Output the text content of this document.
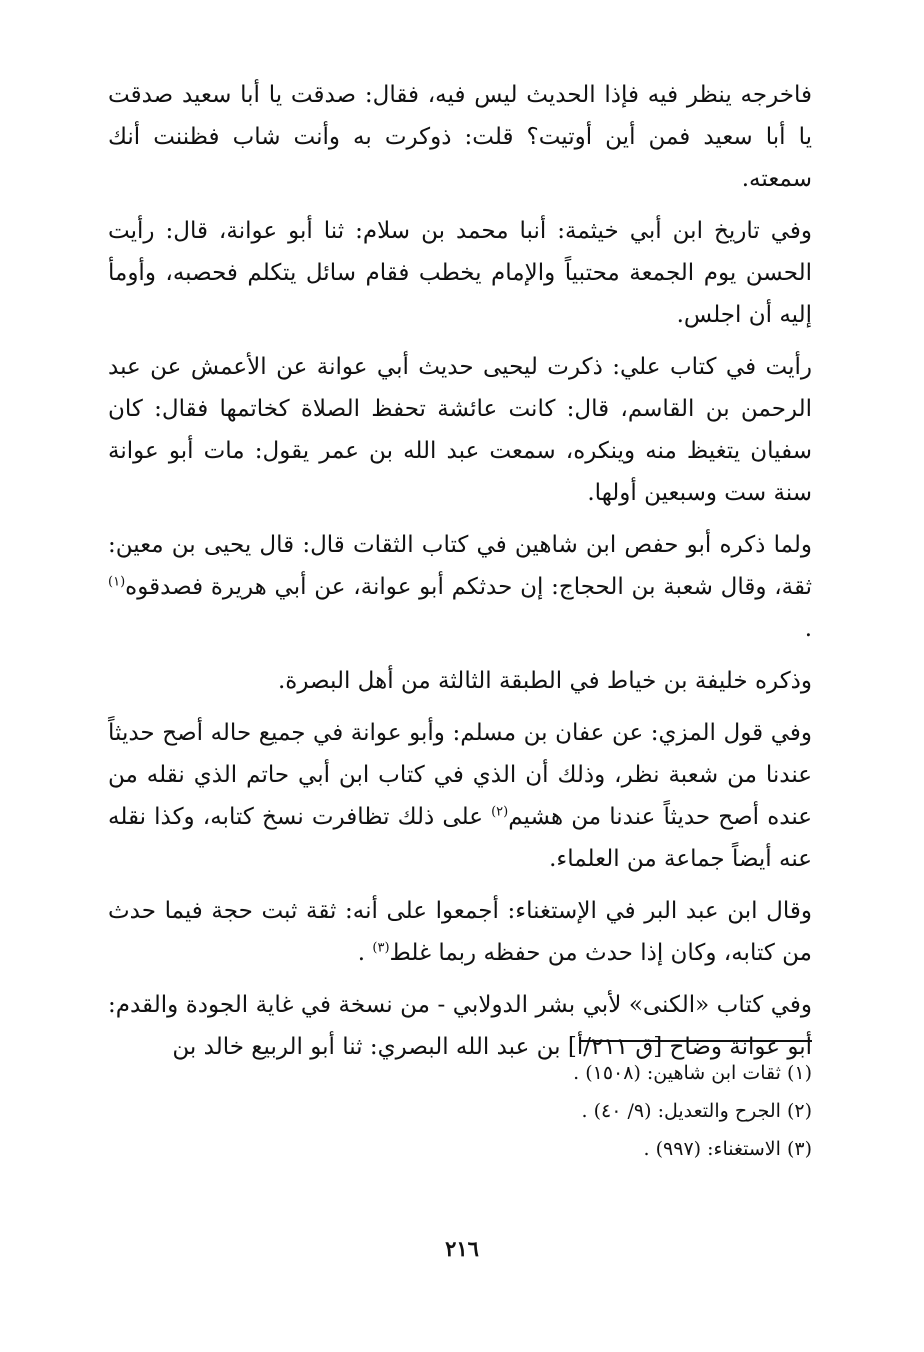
فاخرجه ينظر فيه فإذا الحديث ليس فيه، فقال: صدقت يا أبا سعيد صدقت يا أبا سعيد فمن أين أوتيت؟ قلت: ذوكرت به وأنت شاب فظننت أنك سمعته.

وفي تاريخ ابن أبي خيثمة: أنبا محمد بن سلام: ثنا أبو عوانة، قال: رأيت الحسن يوم الجمعة محتبياً والإمام يخطب فقام سائل يتكلم فحصبه، وأومأ إليه أن اجلس.

رأيت في كتاب علي: ذكرت ليحيى حديث أبي عوانة عن الأعمش عن عبد الرحمن بن القاسم، قال: كانت عائشة تحفظ الصلاة كخاتمها فقال: كان سفيان يتغيظ منه وينكره، سمعت عبد الله بن عمر يقول: مات أبو عوانة سنة ست وسبعين أولها.

ولما ذكره أبو حفص ابن شاهين في كتاب الثقات قال: قال يحيى بن معين: ثقة، وقال شعبة بن الحجاج: إن حدثكم أبو عوانة، عن أبي هريرة فصدقوه$^{(١)}$ .

وذكره خليفة بن خياط في الطبقة الثالثة من أهل البصرة.

وفي قول المزي: عن عفان بن مسلم: وأبو عوانة في جميع حاله أصح حديثاً عندنا من شعبة نظر، وذلك أن الذي في كتاب ابن أبي حاتم الذي نقله من عنده أصح حديثاً عندنا من هشيم$^{(٢)}$ على ذلك تظافرت نسخ كتابه، وكذا نقله عنه أيضاً جماعة من العلماء.

وقال ابن عبد البر في الإستغناء: أجمعوا على أنه: ثقة ثبت حجة فيما حدث من كتابه، وكان إذا حدث من حفظه ربما غلط$^{(٣)}$ .

وفي كتاب «الكنى» لأبي بشر الدولابي - من نسخة في غاية الجودة والقدم: أبو عوانة وضاح [ق ٢١١/أ] بن عبد الله البصري: ثنا أبو الربيع خالد بن

(١) ثقات ابن شاهين: (١٥٠٨) .

(٢) الجرح والتعديل: (٩/ ٤٠) .

(٣) الاستغناء: (٩٩٧) .

٢١٦
